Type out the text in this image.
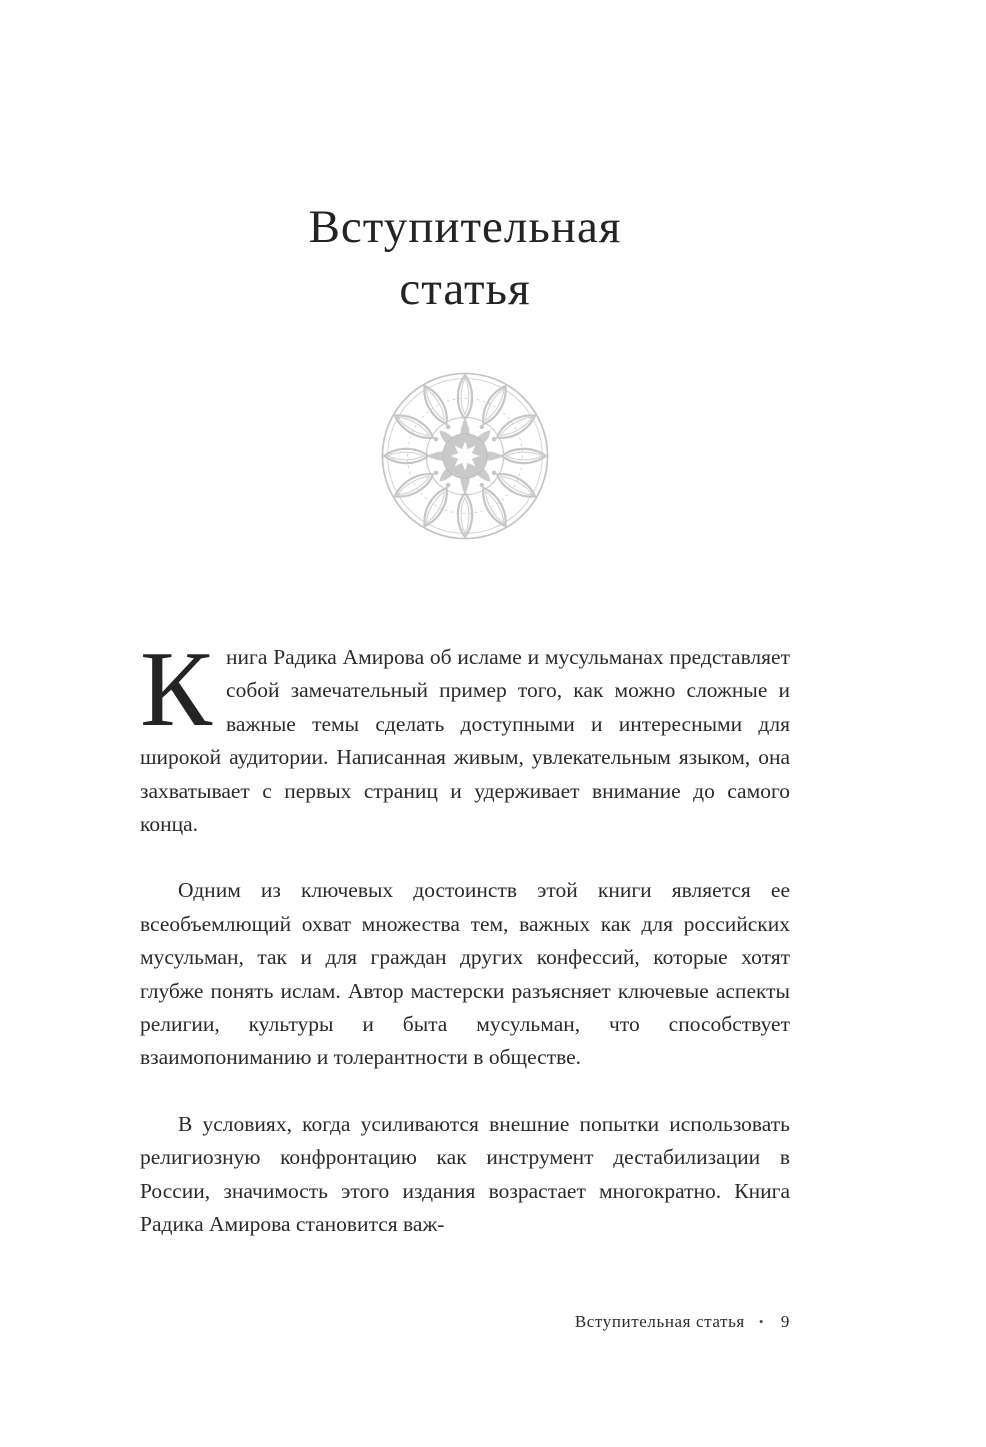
Вступительная
статья

Книга Радика Амирова об исламе и мусульманах представляет собой замечательный пример того, как можно сложные и важные темы сделать доступными и интересными для широкой аудитории. Написанная живым, увлекательным языком, она захватывает с первых страниц и удерживает внимание до самого конца.

Одним из ключевых достоинств этой книги является ее всеобъемлющий охват множества тем, важных как для российских мусульман, так и для граждан других конфессий, которые хотят глубже понять ислам. Автор мастерски разъясняет ключевые аспекты религии, культуры и быта мусульман, что способствует взаимопониманию и толерантности в обществе.

В условиях, когда усиливаются внешние попытки использовать религиозную конфронтацию как инструмент дестабилизации в России, значимость этого издания возрастает многократно. Книга Радика Амирова становится важ-

Вступительная статья • 9
